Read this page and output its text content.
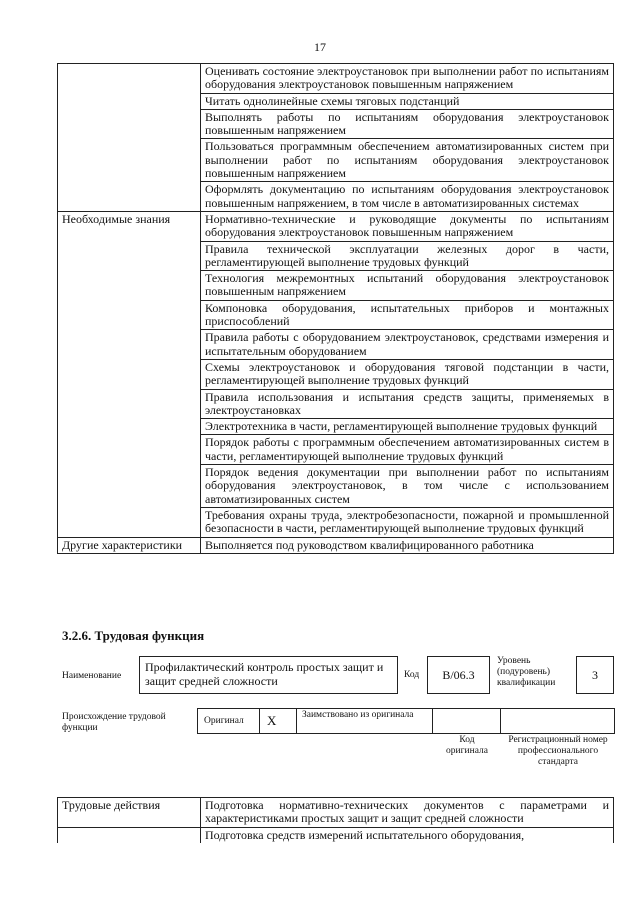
17
	Оценивать состояние электроустановок при выполнении работ по испытаниям оборудования электроустановок повышенным напряжением
	Читать однолинейные схемы тяговых подстанций
	Выполнять работы по испытаниям оборудования электроустановок повышенным напряжением
	Пользоваться программным обеспечением автоматизированных систем при выполнении работ по испытаниям оборудования электроустановок повышенным напряжением
	Оформлять документацию по испытаниям оборудования электроустановок повышенным напряжением, в том числе в автоматизированных системах
Необходимые знания	Нормативно-технические и руководящие документы по испытаниям оборудования электроустановок повышенным напряжением
	Правила технической эксплуатации железных дорог в части, регламентирующей выполнение трудовых функций
	Технология межремонтных испытаний оборудования электроустановок повышенным напряжением
	Компоновка оборудования, испытательных приборов и монтажных приспособлений
	Правила работы с оборудованием электроустановок, средствами измерения и испытательным оборудованием
	Схемы электроустановок и оборудования тяговой подстанции в части, регламентирующей выполнение трудовых функций
	Правила использования и испытания средств защиты, применяемых в электроустановках
	Электротехника в части, регламентирующей выполнение трудовых функций
	Порядок работы с программным обеспечением автоматизированных систем в части, регламентирующей выполнение трудовых функций
	Порядок ведения документации при выполнении работ по испытаниям оборудования электроустановок, в том числе с использованием автоматизированных систем
	Требования охраны труда, электробезопасности, пожарной и промышленной безопасности в части, регламентирующей выполнение трудовых функций
Другие характеристики	Выполняется под руководством квалифицированного работника
3.2.6. Трудовая функция
Наименование
Профилактический контроль простых защит и защит средней сложности	Код	B/06.3
Уровень (подуровень) квалификации
3
Происхождение трудовой функции
Оригинал X	Заимствовано из оригинала
Код оригинала
Регистрационный номер профессионального стандарта
Трудовые действия	Подготовка нормативно-технических документов с параметрами и характеристиками простых защит и защит средней сложности
	Подготовка средств измерений испытательного оборудования,
